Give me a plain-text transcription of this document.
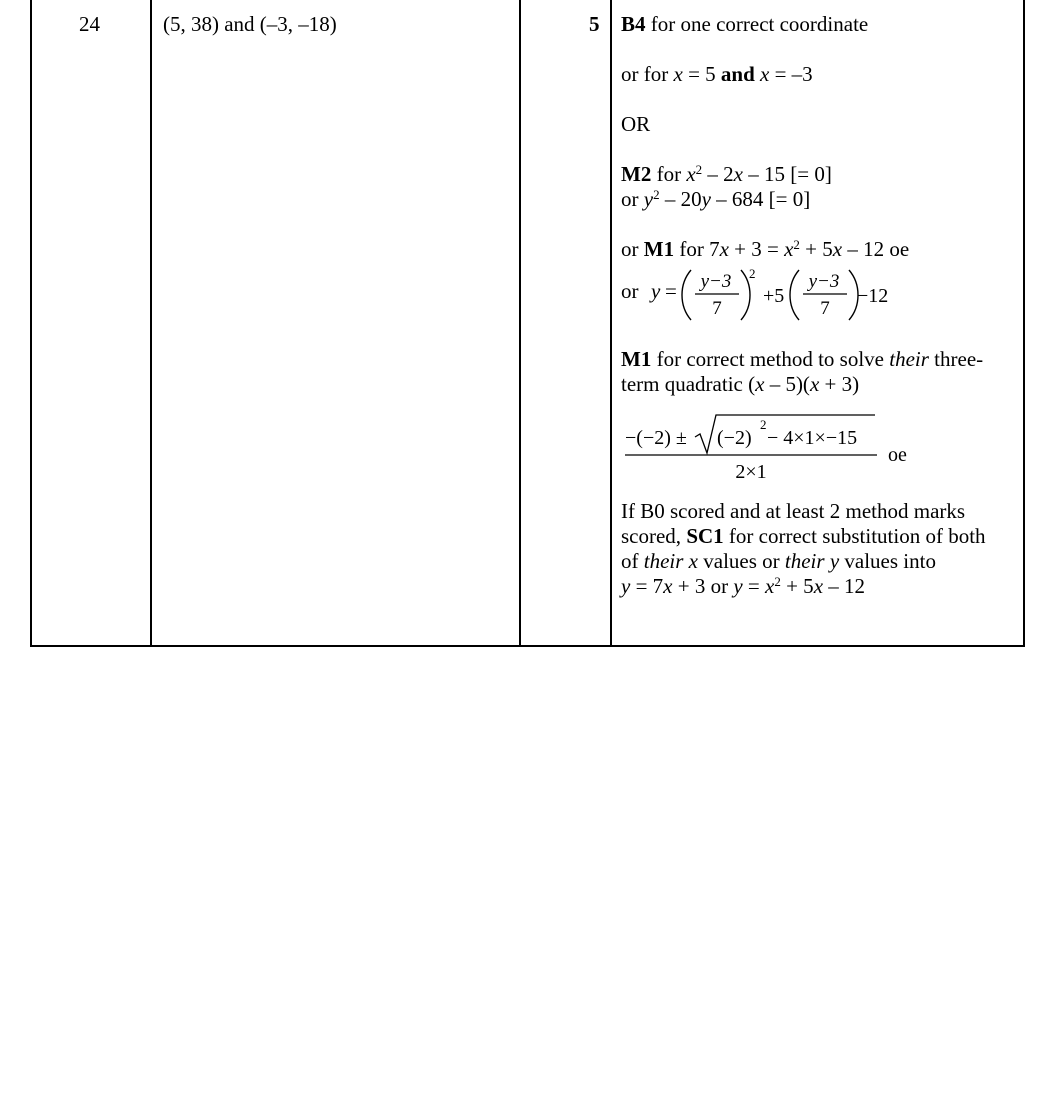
24	(5, 38) and (–3, –18)	5 B4 for one correct coordinate

or for x = 5 and x = –3

OR

M2 for $x^2 - 2x - 15$ [= 0]

or $y^2 - 20y - 684$ [= 0]

or M1 for $7x + 3 = x^2 + 5x - 12$ oe

or y = y−3
7
2
+5
y−3
7
−12

M1 for correct method to solve their three-

term quadratic (x – 5)(x + 3)

−(−2) ± (−2)
2
− 4×1×−15
2×1
oe

If B0 scored and at least 2 method marks

scored, SC1 for correct substitution of both

of their x values or their y values into

y = 7x + 3 or $y = x^2 + 5x - 12$
